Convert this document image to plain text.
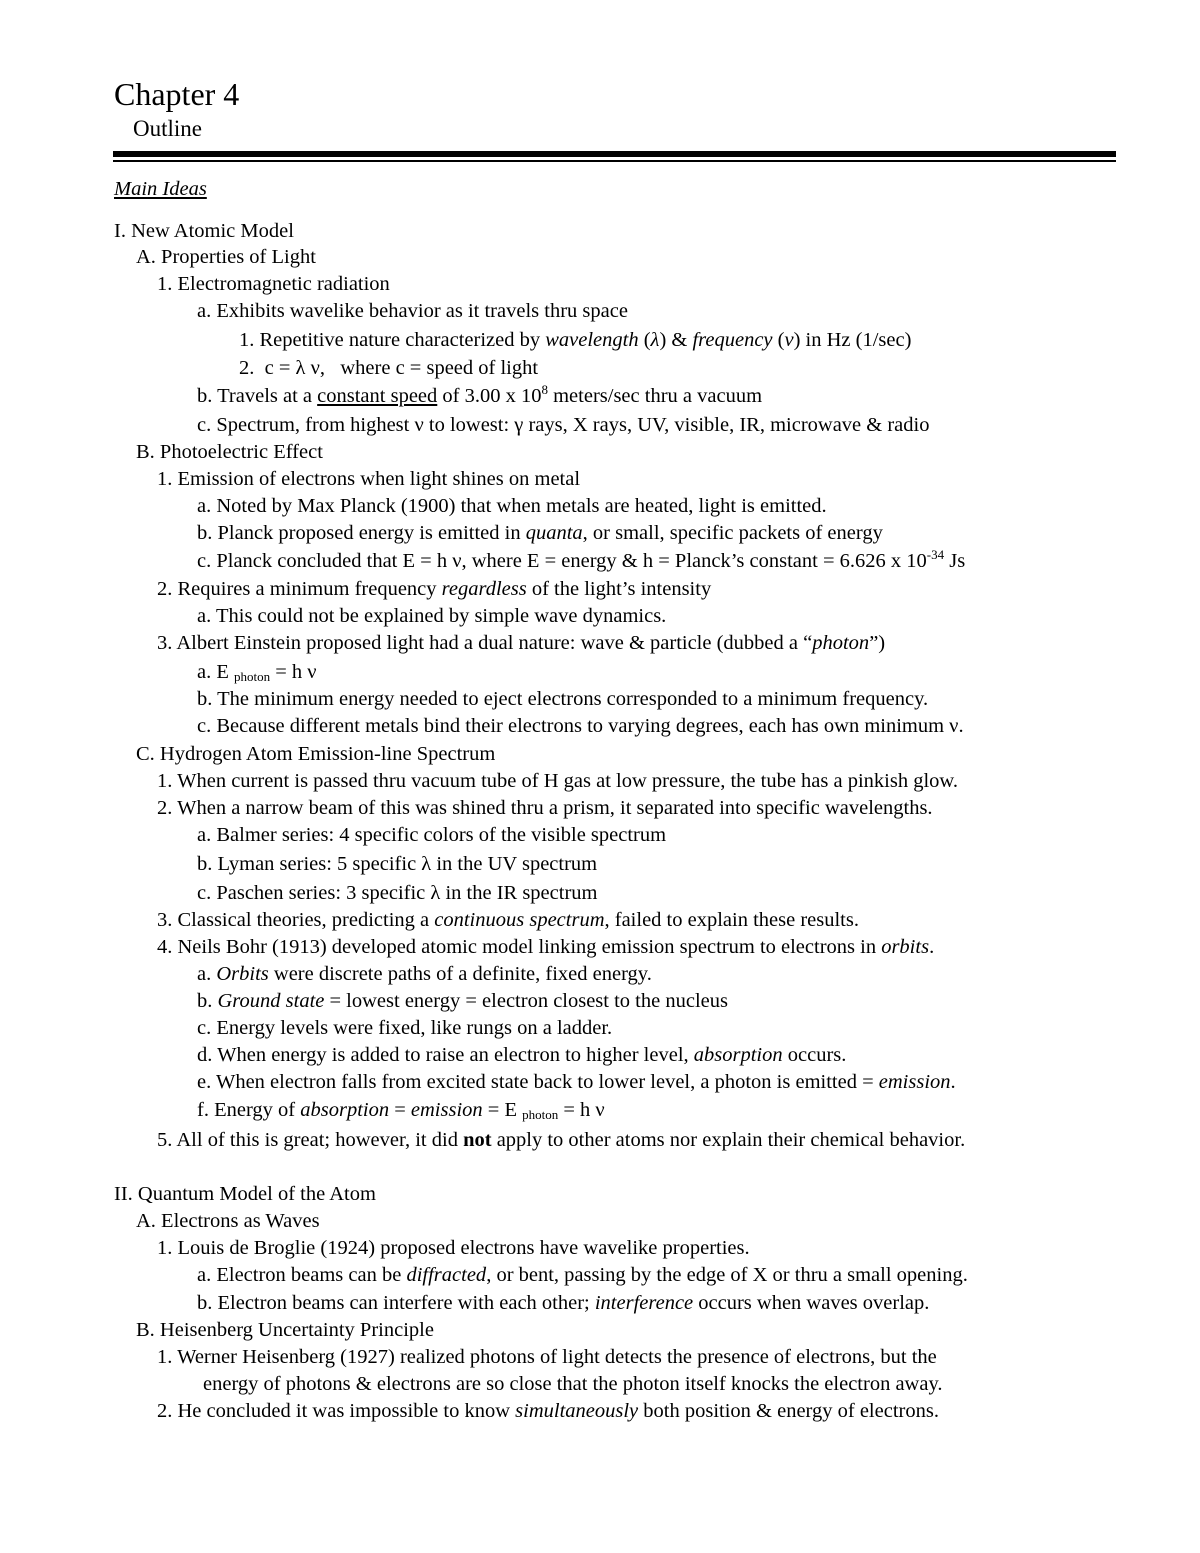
Chapter 4
Outline
Main Ideas
I. New Atomic Model
A. Properties of Light
1. Electromagnetic radiation
a. Exhibits wavelike behavior as it travels thru space
1. Repetitive nature characterized by wavelength (λ) & frequency (ν) in Hz (1/sec)
2.  c = λ ν,   where c = speed of light
b. Travels at a constant speed of 3.00 x $10^8$ meters/sec thru a vacuum
c. Spectrum, from highest ν to lowest: γ rays, X rays, UV, visible, IR, microwave & radio
B. Photoelectric Effect
1. Emission of electrons when light shines on metal
a. Noted by Max Planck (1900) that when metals are heated, light is emitted.
b. Planck proposed energy is emitted in quanta, or small, specific packets of energy
c. Planck concluded that E = h ν, where E = energy & h = Planck’s constant = 6.626 x $10^{-34}$ Js
2. Requires a minimum frequency regardless of the light’s intensity
a. This could not be explained by simple wave dynamics.
3. Albert Einstein proposed light had a dual nature: wave & particle (dubbed a “photon”)
a. E $_{photon}$ = h ν
b. The minimum energy needed to eject electrons corresponded to a minimum frequency.
c. Because different metals bind their electrons to varying degrees, each has own minimum ν.
C. Hydrogen Atom Emission-line Spectrum
1. When current is passed thru vacuum tube of H gas at low pressure, the tube has a pinkish glow.
2. When a narrow beam of this was shined thru a prism, it separated into specific wavelengths.
a. Balmer series: 4 specific colors of the visible spectrum
b. Lyman series: 5 specific λ in the UV spectrum
c. Paschen series: 3 specific λ in the IR spectrum
3. Classical theories, predicting a continuous spectrum, failed to explain these results.
4. Neils Bohr (1913) developed atomic model linking emission spectrum to electrons in orbits.
a. Orbits were discrete paths of a definite, fixed energy.
b. Ground state = lowest energy = electron closest to the nucleus
c. Energy levels were fixed, like rungs on a ladder.
d. When energy is added to raise an electron to higher level, absorption occurs.
e. When electron falls from excited state back to lower level, a photon is emitted = emission.
f. Energy of absorption = emission = E $_{photon}$ = h ν
5. All of this is great; however, it did not apply to other atoms nor explain their chemical behavior.
II. Quantum Model of the Atom
A. Electrons as Waves
1. Louis de Broglie (1924) proposed electrons have wavelike properties.
a. Electron beams can be diffracted, or bent, passing by the edge of X or thru a small opening.
b. Electron beams can interfere with each other; interference occurs when waves overlap.
B. Heisenberg Uncertainty Principle
1. Werner Heisenberg (1927) realized photons of light detects the presence of electrons, but the
energy of photons & electrons are so close that the photon itself knocks the electron away.
2. He concluded it was impossible to know simultaneously both position & energy of electrons.
